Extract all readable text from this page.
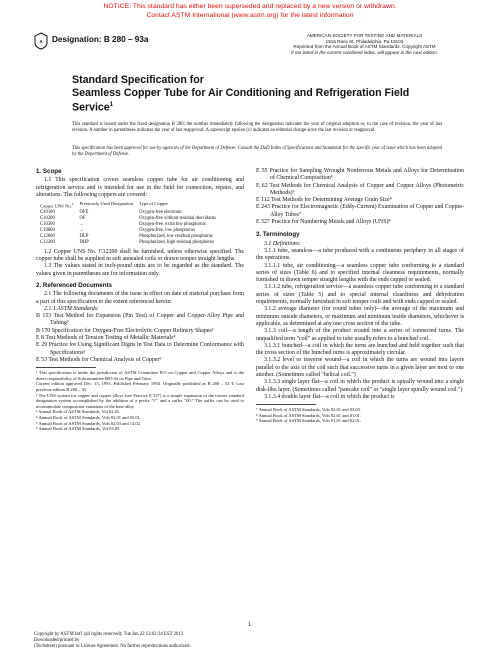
NOTICE: This standard has either been superseded and replaced by a new version or withdrawn.
Contact ASTM International (www.astm.org) for the latest information
A Designation: B 280 – 93a	AMERICAN SOCIETY FOR TESTING AND MATERIALS
1916 Race St. Philadelphia, Pa 19103
Reprinted from the Annual Book of ASTM Standards. Copyright ASTM
If not listed in the current combined index, will appear in the next edition.
Standard Specification for
Seamless Copper Tube for Air Conditioning and Refrigeration Field Service$^1$
This standard is issued under the fixed designation B 280; the number immediately following the designation indicates the year of original adoption or, in the case of revision, the year of last revision. A number in parentheses indicates the year of last reapproval. A superscript epsilon (ε) indicates an editorial change since the last revision or reapproval.
This specification has been approved for use by agencies of the Department of Defense. Consult the DoD Index of Specifications and Standards for the specific year of issue which has been adopted by the Department of Defense.

1. Scope

1.1 This specification covers seamless copper tube for air conditioning and refrigeration service and is intended for use in the field for connection, repairs, and alterations. The following coppers are covered:

Copper UNS No.$^2$	Previously Used Designation	Type of Copper
C10100	OFE	Oxygen-free electronic
C10200	OF	Oxygen-free without residual deoxidants
C10300	...	Oxygen-free, extra low phosphorus
C10800	...	Oxygen-free, low phosphorus
C12000	DLP	Phosphorized, low residual phosphorus
C12200	DHP	Phosphorized, high residual phosphorus

1.2 Copper UNS No. C12200 shall be furnished, unless otherwise specified. The copper tube shall be supplied in soft annealed coils or drawn temper straight lengths.

1.3 The values stated in inch-pound units are to be regarded as the standard. The values given in parentheses are for information only.

2. Referenced Documents

2.1 The following documents of the issue in effect on date of material purchase form a part of this specification to the extent referenced herein:

2.1.1 ASTM Standards:

B 153 Test Method for Expansion (Pin Test) of Copper and Copper-Alloy Pipe and Tubing³

B 170 Specification for Oxygen-Free Electrolytic Copper Refinery Shapes³

E 8 Test Methods of Tension Testing of Metallic Materials⁴

E 29 Practice for Using Significant Digits in Test Data to Determine Conformance with Specifications⁵

E 53 Test Methods for Chemical Analysis of Copper⁶

¹ This specification is under the jurisdiction of ASTM Committee B-5 on Copper and Copper Alloys and is the direct responsibility of Subcommittee B05.04 on Pipe and Tube.

Current edition approved Dec. 15, 1993. Published February 1994. Originally published as B 280 – 53 T. Last previous edition B 280 – 93.

² The UNS system for copper and copper alloys (see Practice E 527) is a simple expansion of the former standard designation system accomplished by the addition of a prefix "C" and a suffix "00." The suffix can be used to accommodate composition variations of the base alloy.

³ Annual Book of ASTM Standards, Vol 02.01.

⁴ Annual Book of ASTM Standards, Vols 02.01 and 03.01.

⁵ Annual Book of ASTM Standards, Vols 02.03 and 14.02.

⁶ Annual Book of ASTM Standards, Vol 03.05.

E 55 Practice for Sampling Wrought Nonferrous Metals and Alloys for Determination of Chemical Composition⁶

E 62 Test Methods for Chemical Analysis of Copper and Copper Alloys (Photometric Methods)⁶

E 112 Test Methods for Determining Average Grain Size⁴

E 243 Practice for Electromagnetic (Eddy-Current) Examination of Copper and Copper-Alloy Tubes⁷

E 527 Practice for Numbering Metals and Alloys (UNS)⁸

3. Terminology

3.1 Definitions:

3.1.1 tube, seamless—a tube produced with a continuous periphery in all stages of the operations.

3.1.1.1 tube, air conditioning—a seamless copper tube conforming to a standard series of sizes (Table 6) and to specified internal cleanness requirements, normally furnished in drawn temper straight lengths with the ends capped or sealed.

3.1.1.2 tube, refrigeration service—a seamless copper tube conforming to a standard series of sizes (Table 5) and to special internal cleanliness and dehydration requirements, normally furnished in soft temper coils and with ends capped or sealed.

3.1.2 average diameter (for round tubes only)—the average of the maximum and minimum outside diameters, or maximum and minimum inside diameters, whichever is applicable, as determined at any one cross section of the tube.

3.1.3 coil—a length of the product wound into a series of connected turns. The unqualified term "coil" as applied to tube usually refers to a bunched coil.

3.1.3.1 bunched—a coil in which the turns are bunched and held together such that the cross section of the bunched turns is approximately circular.

3.1.3.2 level or traverse wound—a coil in which the turns are wound into layers parallel to the axis of the coil such that successive turns in a given layer are next to one another. (Sometimes called "helical coil.")

3.1.3.3 single layer flat—a coil in which the product is spirally wound into a single disk-like layer. (Sometimes called "pancake coil" or "single layer spirally wound coil.")

3.1.3.4 double layer flat—a coil in which the product is

⁷ Annual Book of ASTM Standards, Vols 02.01 and 03.03.

⁸ Annual Book of ASTM Standards, Vols 02.01 and 01.01.

⁹ Annual Book of ASTM Standards, Vols 01.01 and 02.01.

1
Copyright by ASTM Int'l (all rights reserved); Tue Jan 22 13:02:34 EST 2013
Downloaded/printed by
(Techstreet) pursuant to License Agreement. No further reproductions authorized.
